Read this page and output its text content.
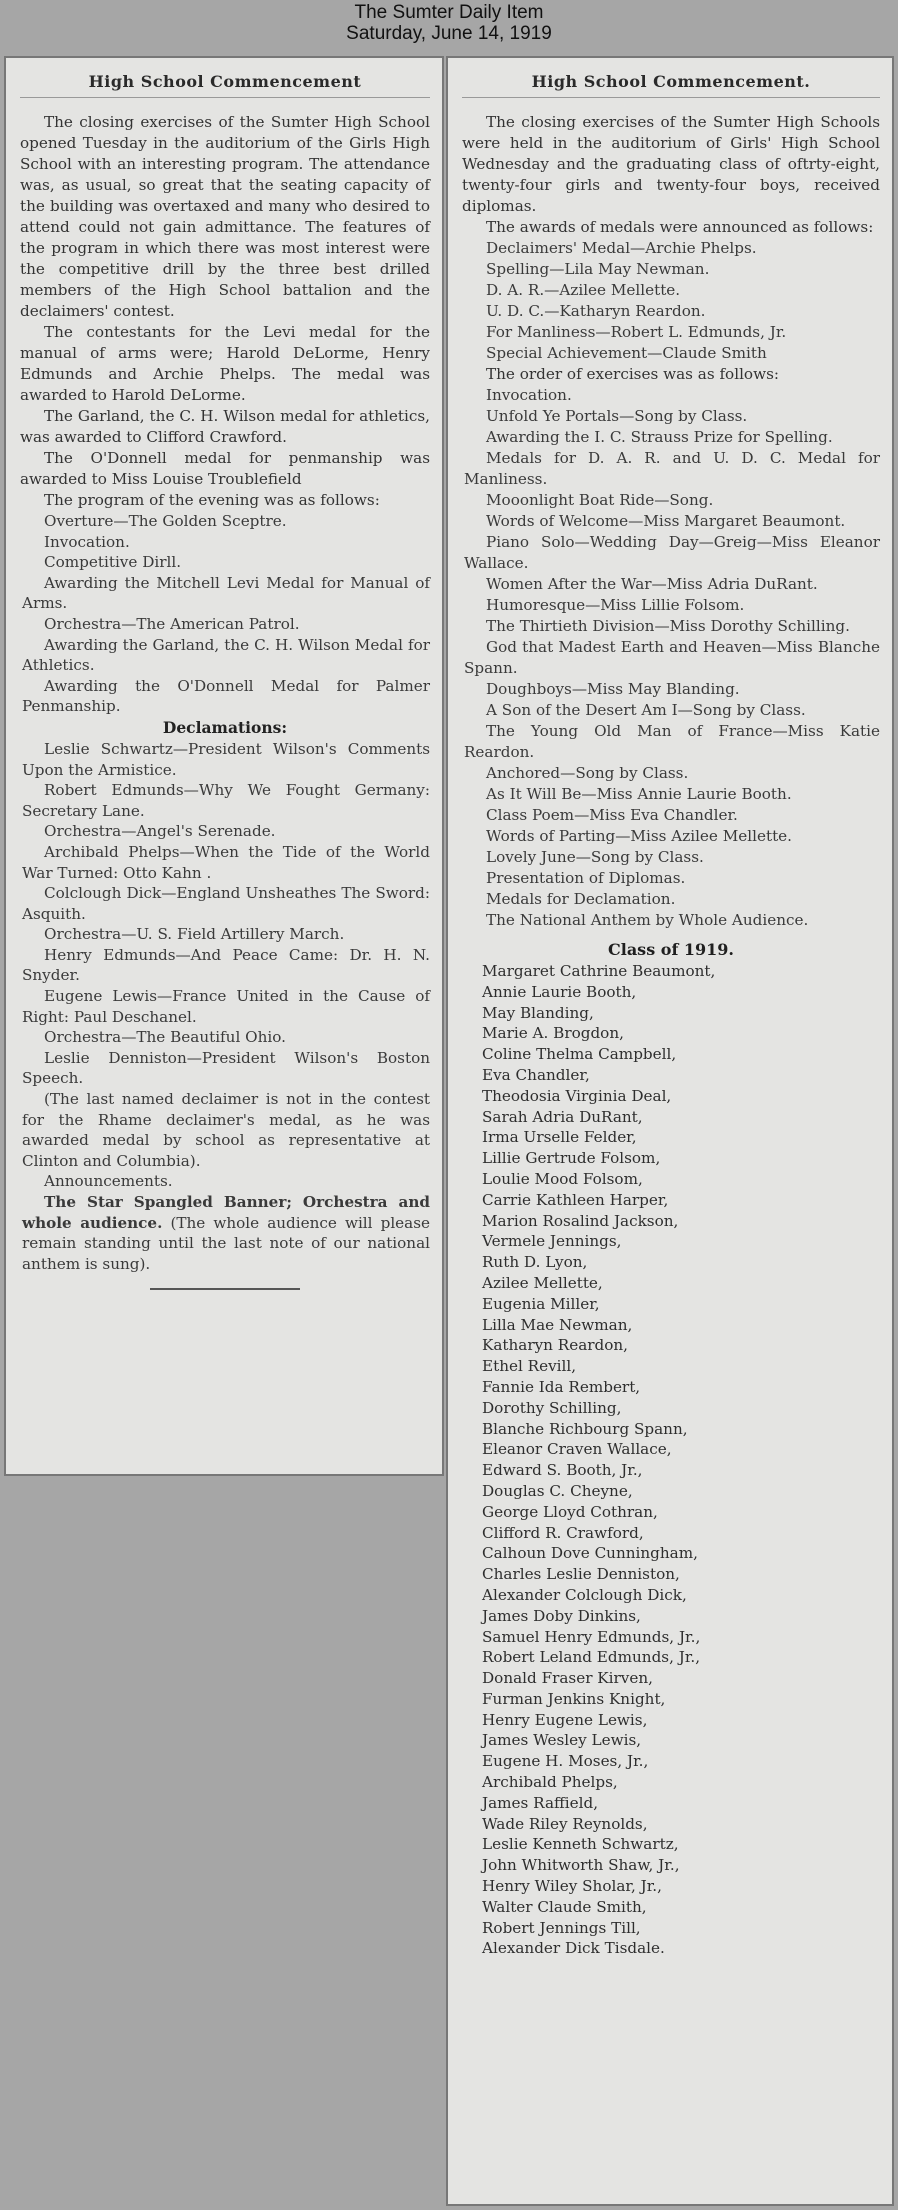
The Sumter Daily Item
Saturday, June 14, 1919
High School Commencement

The closing exercises of the Sumter High School opened Tuesday in the auditorium of the Girls High School with an interesting program. The attendance was, as usual, so great that the seating capacity of the building was overtaxed and many who desired to attend could not gain admittance. The features of the program in which there was most interest were the competitive drill by the three best drilled members of the High School battalion and the declaimers' contest.

The contestants for the Levi medal for the manual of arms were; Harold DeLorme, Henry Edmunds and Archie Phelps. The medal was awarded to Harold DeLorme.

The Garland, the C. H. Wilson medal for athletics, was awarded to Clifford Crawford.

The O'Donnell medal for penmanship was awarded to Miss Louise Troublefield

The program of the evening was as follows:

Overture—The Golden Sceptre.

Invocation.

Competitive Dirll.

Awarding the Mitchell Levi Medal for Manual of Arms.

Orchestra—The American Patrol.

Awarding the Garland, the C. H. Wilson Medal for Athletics.

Awarding the O'Donnell Medal for Palmer Penmanship.

Declamations:

Leslie Schwartz—President Wilson's Comments Upon the Armistice.

Robert Edmunds—Why We Fought Germany: Secretary Lane.

Orchestra—Angel's Serenade.

Archibald Phelps—When the Tide of the World War Turned: Otto Kahn .

Colclough Dick—England Unsheathes The Sword: Asquith.

Orchestra—U. S. Field Artillery March.

Henry Edmunds—And Peace Came: Dr. H. N. Snyder.

Eugene Lewis—France United in the Cause of Right: Paul Deschanel.

Orchestra—The Beautiful Ohio.

Leslie Denniston—President Wilson's Boston Speech.

(The last named declaimer is not in the contest for the Rhame declaimer's medal, as he was awarded medal by school as representative at Clinton and Columbia).

Announcements.

The Star Spangled Banner; Orchestra and whole audience. (The whole audience will please remain standing until the last note of our national anthem is sung).

High School Commencement.

The closing exercises of the Sumter High Schools were held in the auditorium of Girls' High School Wednesday and the graduating class of oftrty-eight, twenty-four girls and twenty-four boys, received diplomas.

The awards of medals were announced as follows:

Declaimers' Medal—Archie Phelps.

Spelling—Lila May Newman.

D. A. R.—Azilee Mellette.

U. D. C.—Katharyn Reardon.

For Manliness—Robert L. Edmunds, Jr.

Special Achievement—Claude Smith

The order of exercises was as follows:

Invocation.

Unfold Ye Portals—Song by Class.

Awarding the I. C. Strauss Prize for Spelling.

Medals for D. A. R. and U. D. C. Medal for Manliness.

Mooonlight Boat Ride—Song.

Words of Welcome—Miss Margaret Beaumont.

Piano Solo—Wedding Day—Greig—Miss Eleanor Wallace.

Women After the War—Miss Adria DuRant.

Humoresque—Miss Lillie Folsom.

The Thirtieth Division—Miss Dorothy Schilling.

God that Madest Earth and Heaven—Miss Blanche Spann.

Doughboys—Miss May Blanding.

A Son of the Desert Am I—Song by Class.

The Young Old Man of France—Miss Katie Reardon.

Anchored—Song by Class.

As It Will Be—Miss Annie Laurie Booth.

Class Poem—Miss Eva Chandler.

Words of Parting—Miss Azilee Mellette.

Lovely June—Song by Class.

Presentation of Diplomas.

Medals for Declamation.

The National Anthem by Whole Audience.

Class of 1919.
Margaret Cathrine Beaumont,
Annie Laurie Booth,
May Blanding,
Marie A. Brogdon,
Coline Thelma Campbell,
Eva Chandler,
Theodosia Virginia Deal,
Sarah Adria DuRant,
Irma Urselle Felder,
Lillie Gertrude Folsom,
Loulie Mood Folsom,
Carrie Kathleen Harper,
Marion Rosalind Jackson,
Vermele Jennings,
Ruth D. Lyon,
Azilee Mellette,
Eugenia Miller,
Lilla Mae Newman,
Katharyn Reardon,
Ethel Revill,
Fannie Ida Rembert,
Dorothy Schilling,
Blanche Richbourg Spann,
Eleanor Craven Wallace,
Edward S. Booth, Jr.,
Douglas C. Cheyne,
George Lloyd Cothran,
Clifford R. Crawford,
Calhoun Dove Cunningham,
Charles Leslie Denniston,
Alexander Colclough Dick,
James Doby Dinkins,
Samuel Henry Edmunds, Jr.,
Robert Leland Edmunds, Jr.,
Donald Fraser Kirven,
Furman Jenkins Knight,
Henry Eugene Lewis,
James Wesley Lewis,
Eugene H. Moses, Jr.,
Archibald Phelps,
James Raffield,
Wade Riley Reynolds,
Leslie Kenneth Schwartz,
John Whitworth Shaw, Jr.,
Henry Wiley Sholar, Jr.,
Walter Claude Smith,
Robert Jennings Till,
Alexander Dick Tisdale.
